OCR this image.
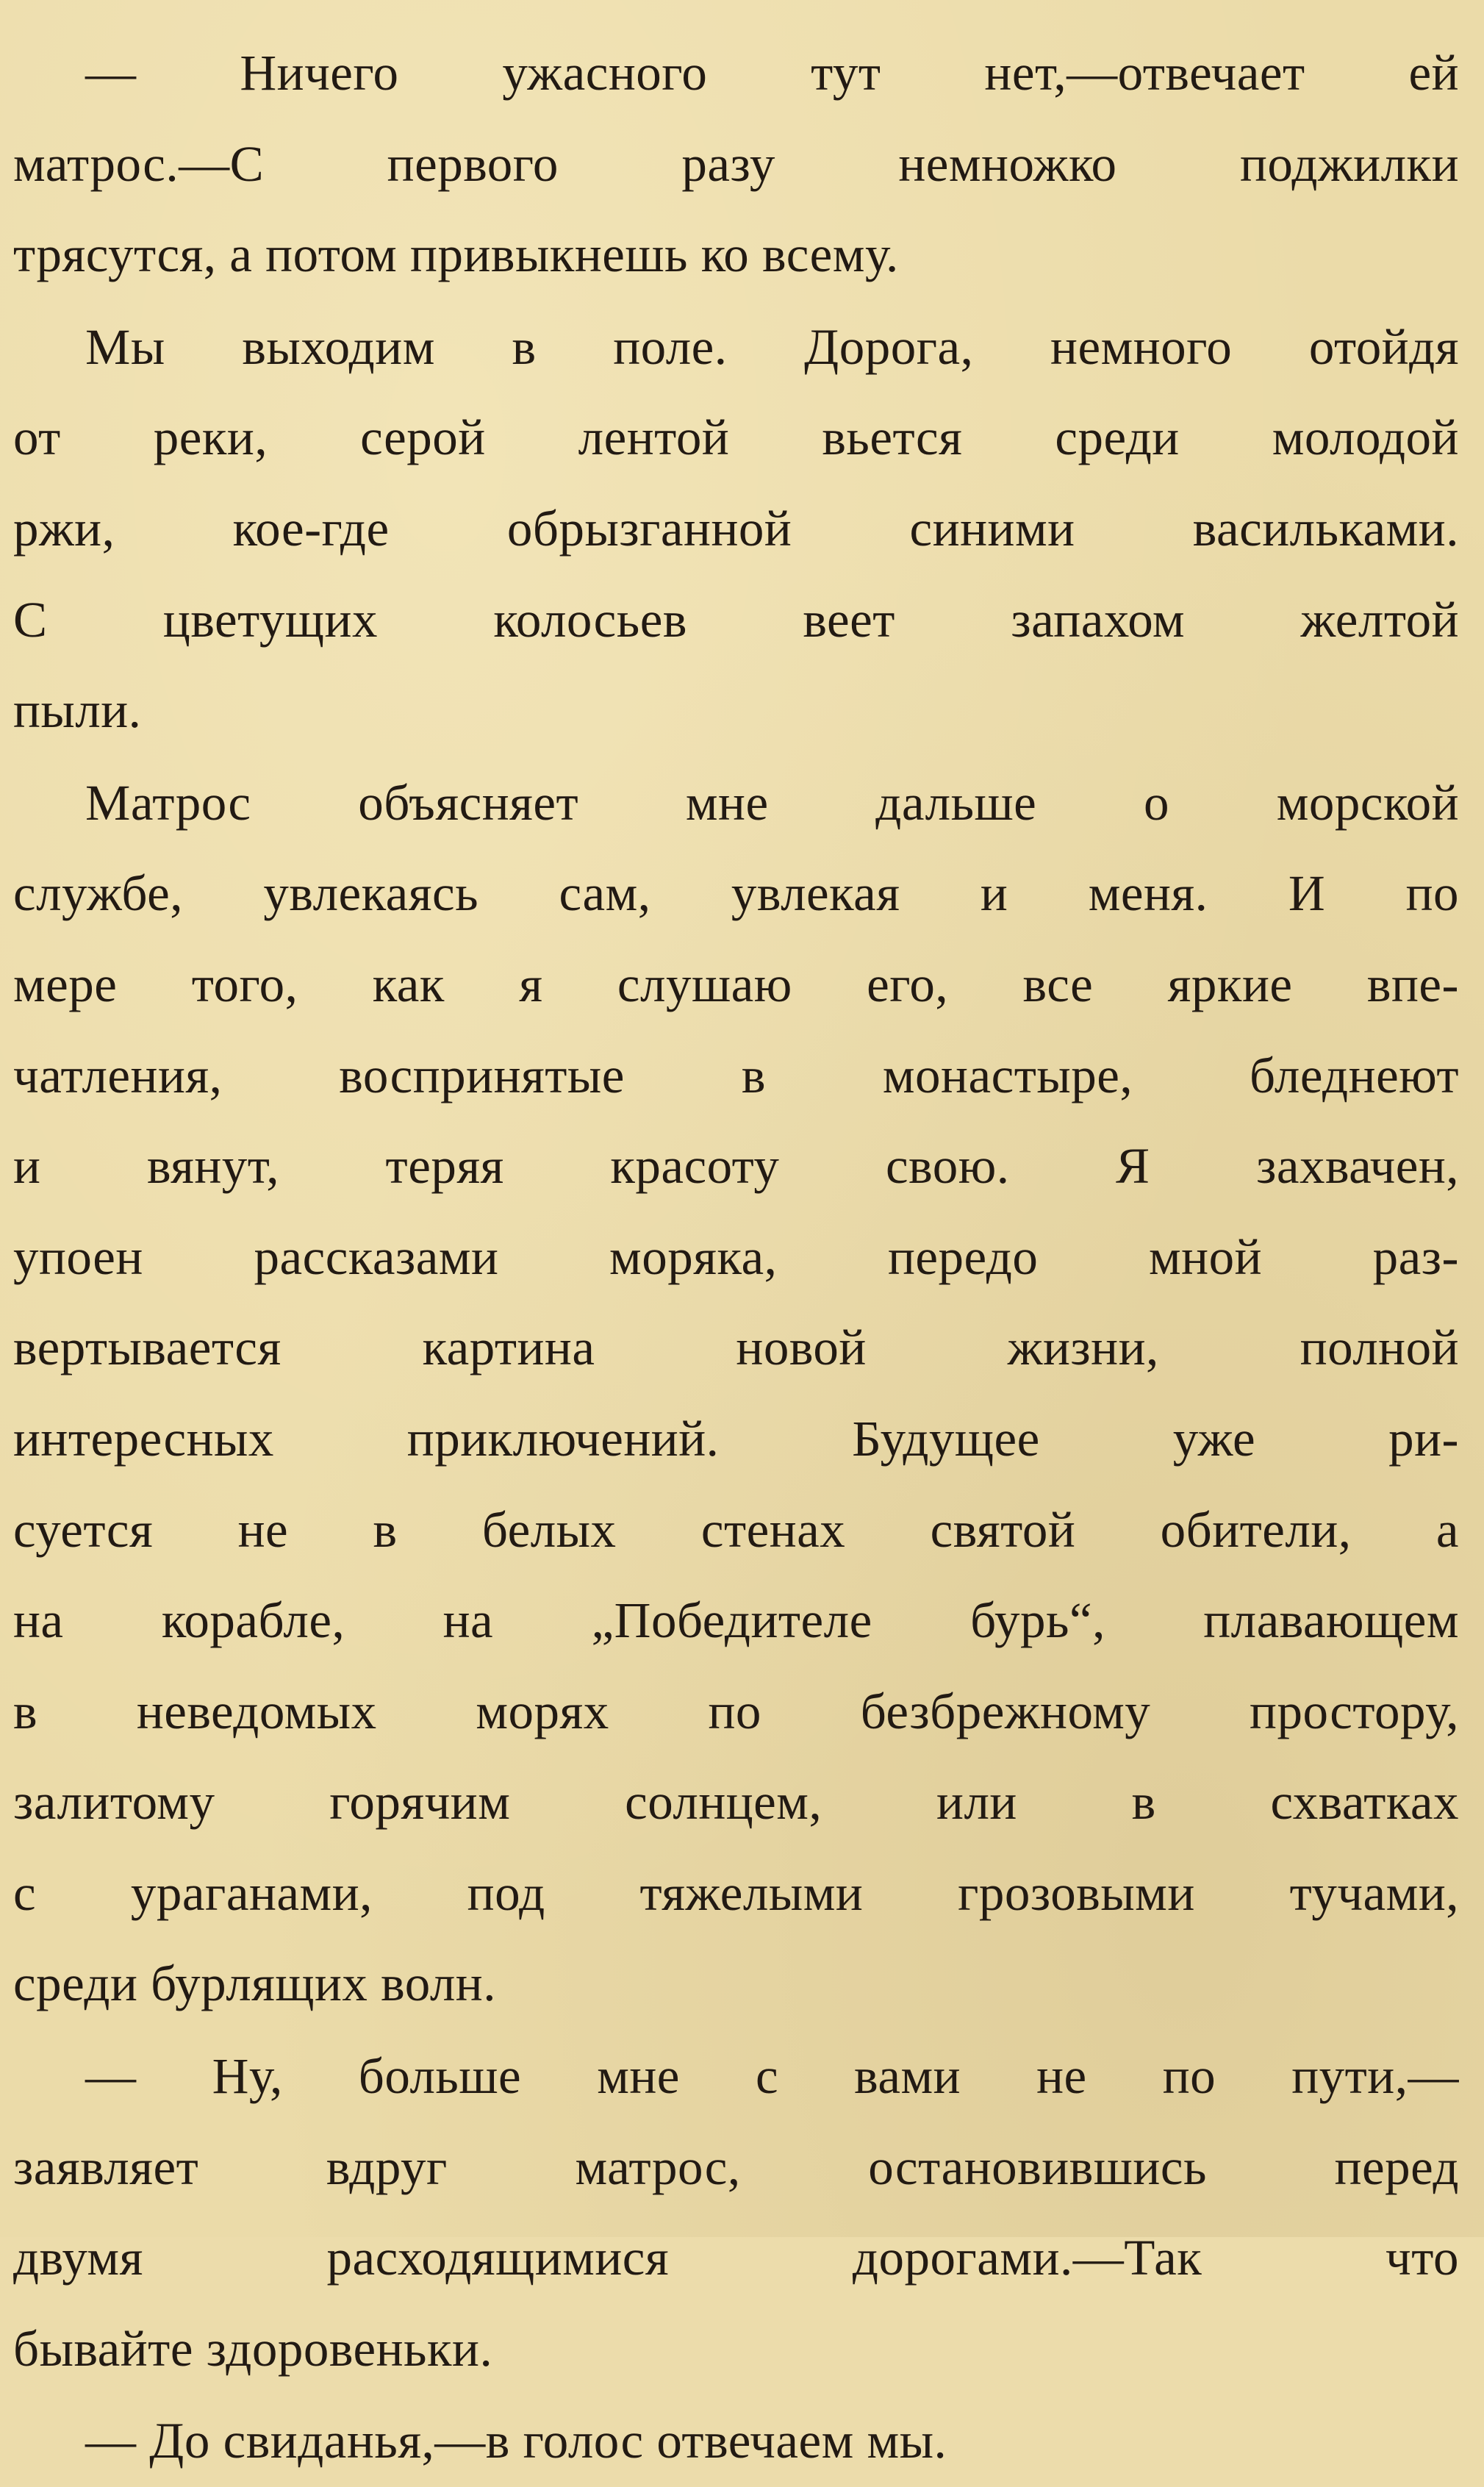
— Ничего ужасного тут нет,—отвечает ей
матрос.—С первого разу немножко поджилки
трясутся, а потом привыкнешь ко всему.
Мы выходим в поле. Дорога, немного отойдя
от реки, серой лентой вьется среди молодой
ржи, кое-где обрызганной синими васильками.
С цветущих колосьев веет запахом желтой
пыли.
Матрос объясняет мне дальше о морской
службе, увлекаясь сам, увлекая и меня. И по
мере того, как я слушаю его, все яркие впе-
чатления, воспринятые в монастыре, бледнеют
и вянут, теряя красоту свою. Я захвачен,
упоен рассказами моряка, передо мной раз-
вертывается картина новой жизни, полной
интересных приключений. Будущее уже ри-
суется не в белых стенах святой обители, а
на корабле, на „Победителе бурь“, плавающем
в неведомых морях по безбрежному простору,
залитому горячим солнцем, или в схватках
с ураганами, под тяжелыми грозовыми тучами,
среди бурлящих волн.
— Ну, больше мне с вами не по пути,—
заявляет вдруг матрос, остановившись перед
двумя расходящимися дорогами.—Так что
бывайте здоровеньки.
— До свиданья,—в голос отвечаем мы.
